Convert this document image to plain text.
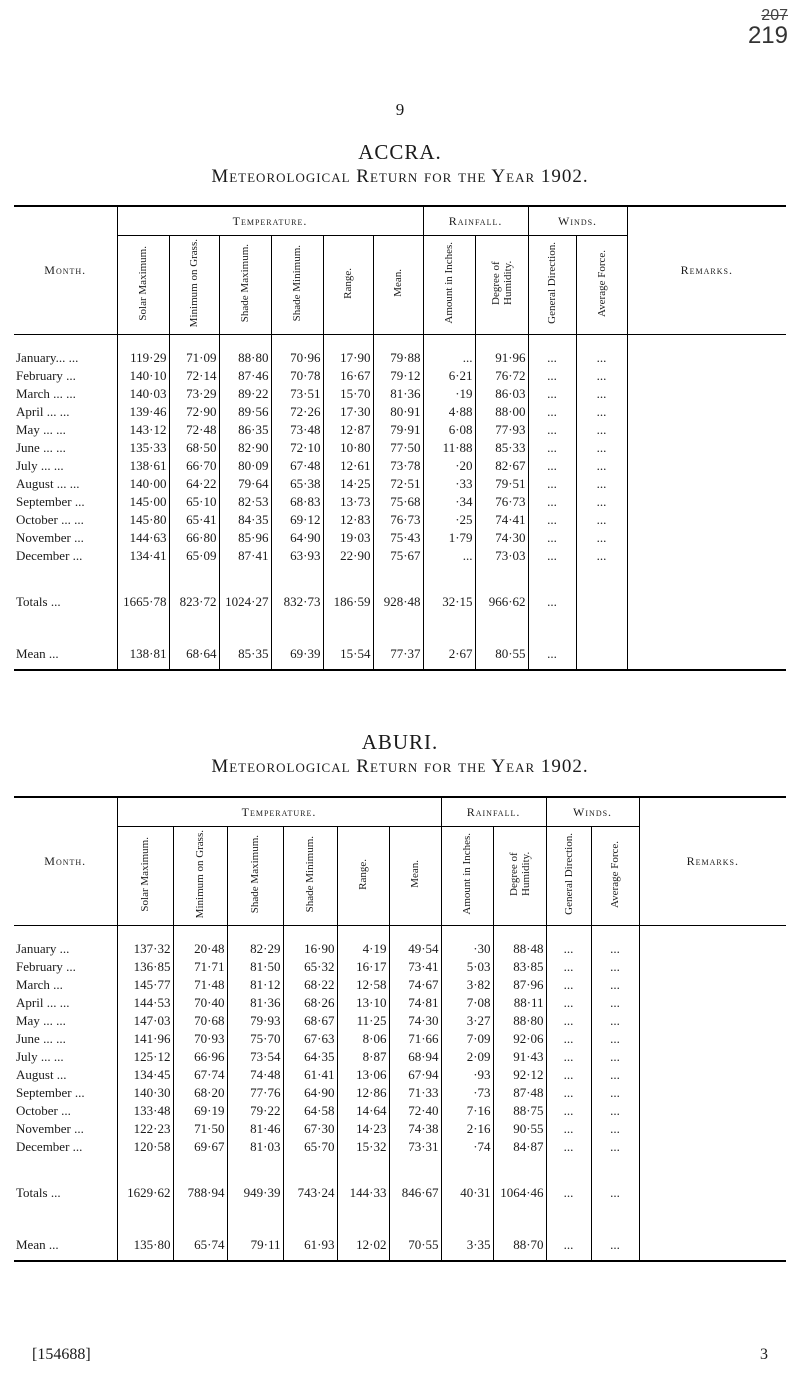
207
219
9
ACCRA.
Meteorological Return for the Year 1902.
Month.	Temperature.						Rainfall.		Winds.		Remarks.
	Solar Maximum.	Minimum on Grass.	Shade Maximum.	Shade Minimum.	Range.	Mean.	Amount in Inches.	Degree of Humidity.	General Direction.	Average Force.	

January... ...	119·29	71·09	88·80	70·96	17·90	79·88	...	91·96	...	...	
February ...	140·10	72·14	87·46	70·78	16·67	79·12	6·21	76·72	...	...	
March ... ...	140·03	73·29	89·22	73·51	15·70	81·36	·19	86·03	...	...	
April ... ...	139·46	72·90	89·56	72·26	17·30	80·91	4·88	88·00	...	...	
May ... ...	143·12	72·48	86·35	73·48	12·87	79·91	6·08	77·93	...	...	
June ... ...	135·33	68·50	82·90	72·10	10·80	77·50	11·88	85·33	...	...	
July ... ...	138·61	66·70	80·09	67·48	12·61	73·78	·20	82·67	...	...	
August ... ...	140·00	64·22	79·64	65·38	14·25	72·51	·33	79·51	...	...	
September ...	145·00	65·10	82·53	68·83	13·73	75·68	·34	76·73	...	...	
October ... ...	145·80	65·41	84·35	69·12	12·83	76·73	·25	74·41	...	...	
November ...	144·63	66·80	85·96	64·90	19·03	75·43	1·79	74·30	...	...	
December ...	134·41	65·09	87·41	63·93	22·90	75·67	...	73·03	...	...	

Totals ...	1665·78	823·72	1024·27	832·73	186·59	928·48	32·15	966·62	...		

Mean ...	138·81	68·64	85·35	69·39	15·54	77·37	2·67	80·55	...		
ABURI.
Meteorological Return for the Year 1902.
Month.	Temperature.						Rainfall.		Winds.		Remarks.
	Solar Maximum.	Minimum on Grass.	Shade Maximum.	Shade Minimum.	Range.	Mean.	Amount in Inches.	Degree of Humidity.	General Direction.	Average Force.	

January ...	137·32	20·48	82·29	16·90	4·19	49·54	·30	88·48	...	...	
February ...	136·85	71·71	81·50	65·32	16·17	73·41	5·03	83·85	...	...	
March ...	145·77	71·48	81·12	68·22	12·58	74·67	3·82	87·96	...	...	
April ... ...	144·53	70·40	81·36	68·26	13·10	74·81	7·08	88·11	...	...	
May ... ...	147·03	70·68	79·93	68·67	11·25	74·30	3·27	88·80	...	...	
June ... ...	141·96	70·93	75·70	67·63	8·06	71·66	7·09	92·06	...	...	
July ... ...	125·12	66·96	73·54	64·35	8·87	68·94	2·09	91·43	...	...	
August ...	134·45	67·74	74·48	61·41	13·06	67·94	·93	92·12	...	...	
September ...	140·30	68·20	77·76	64·90	12·86	71·33	·73	87·48	...	...	
October ...	133·48	69·19	79·22	64·58	14·64	72·40	7·16	88·75	...	...	
November ...	122·23	71·50	81·46	67·30	14·23	74·38	2·16	90·55	...	...	
December ...	120·58	69·67	81·03	65·70	15·32	73·31	·74	84·87	...	...	

Totals ...	1629·62	788·94	949·39	743·24	144·33	846·67	40·31	1064·46	...	...	

Mean ...	135·80	65·74	79·11	61·93	12·02	70·55	3·35	88·70	...	...	
[154688]	3
